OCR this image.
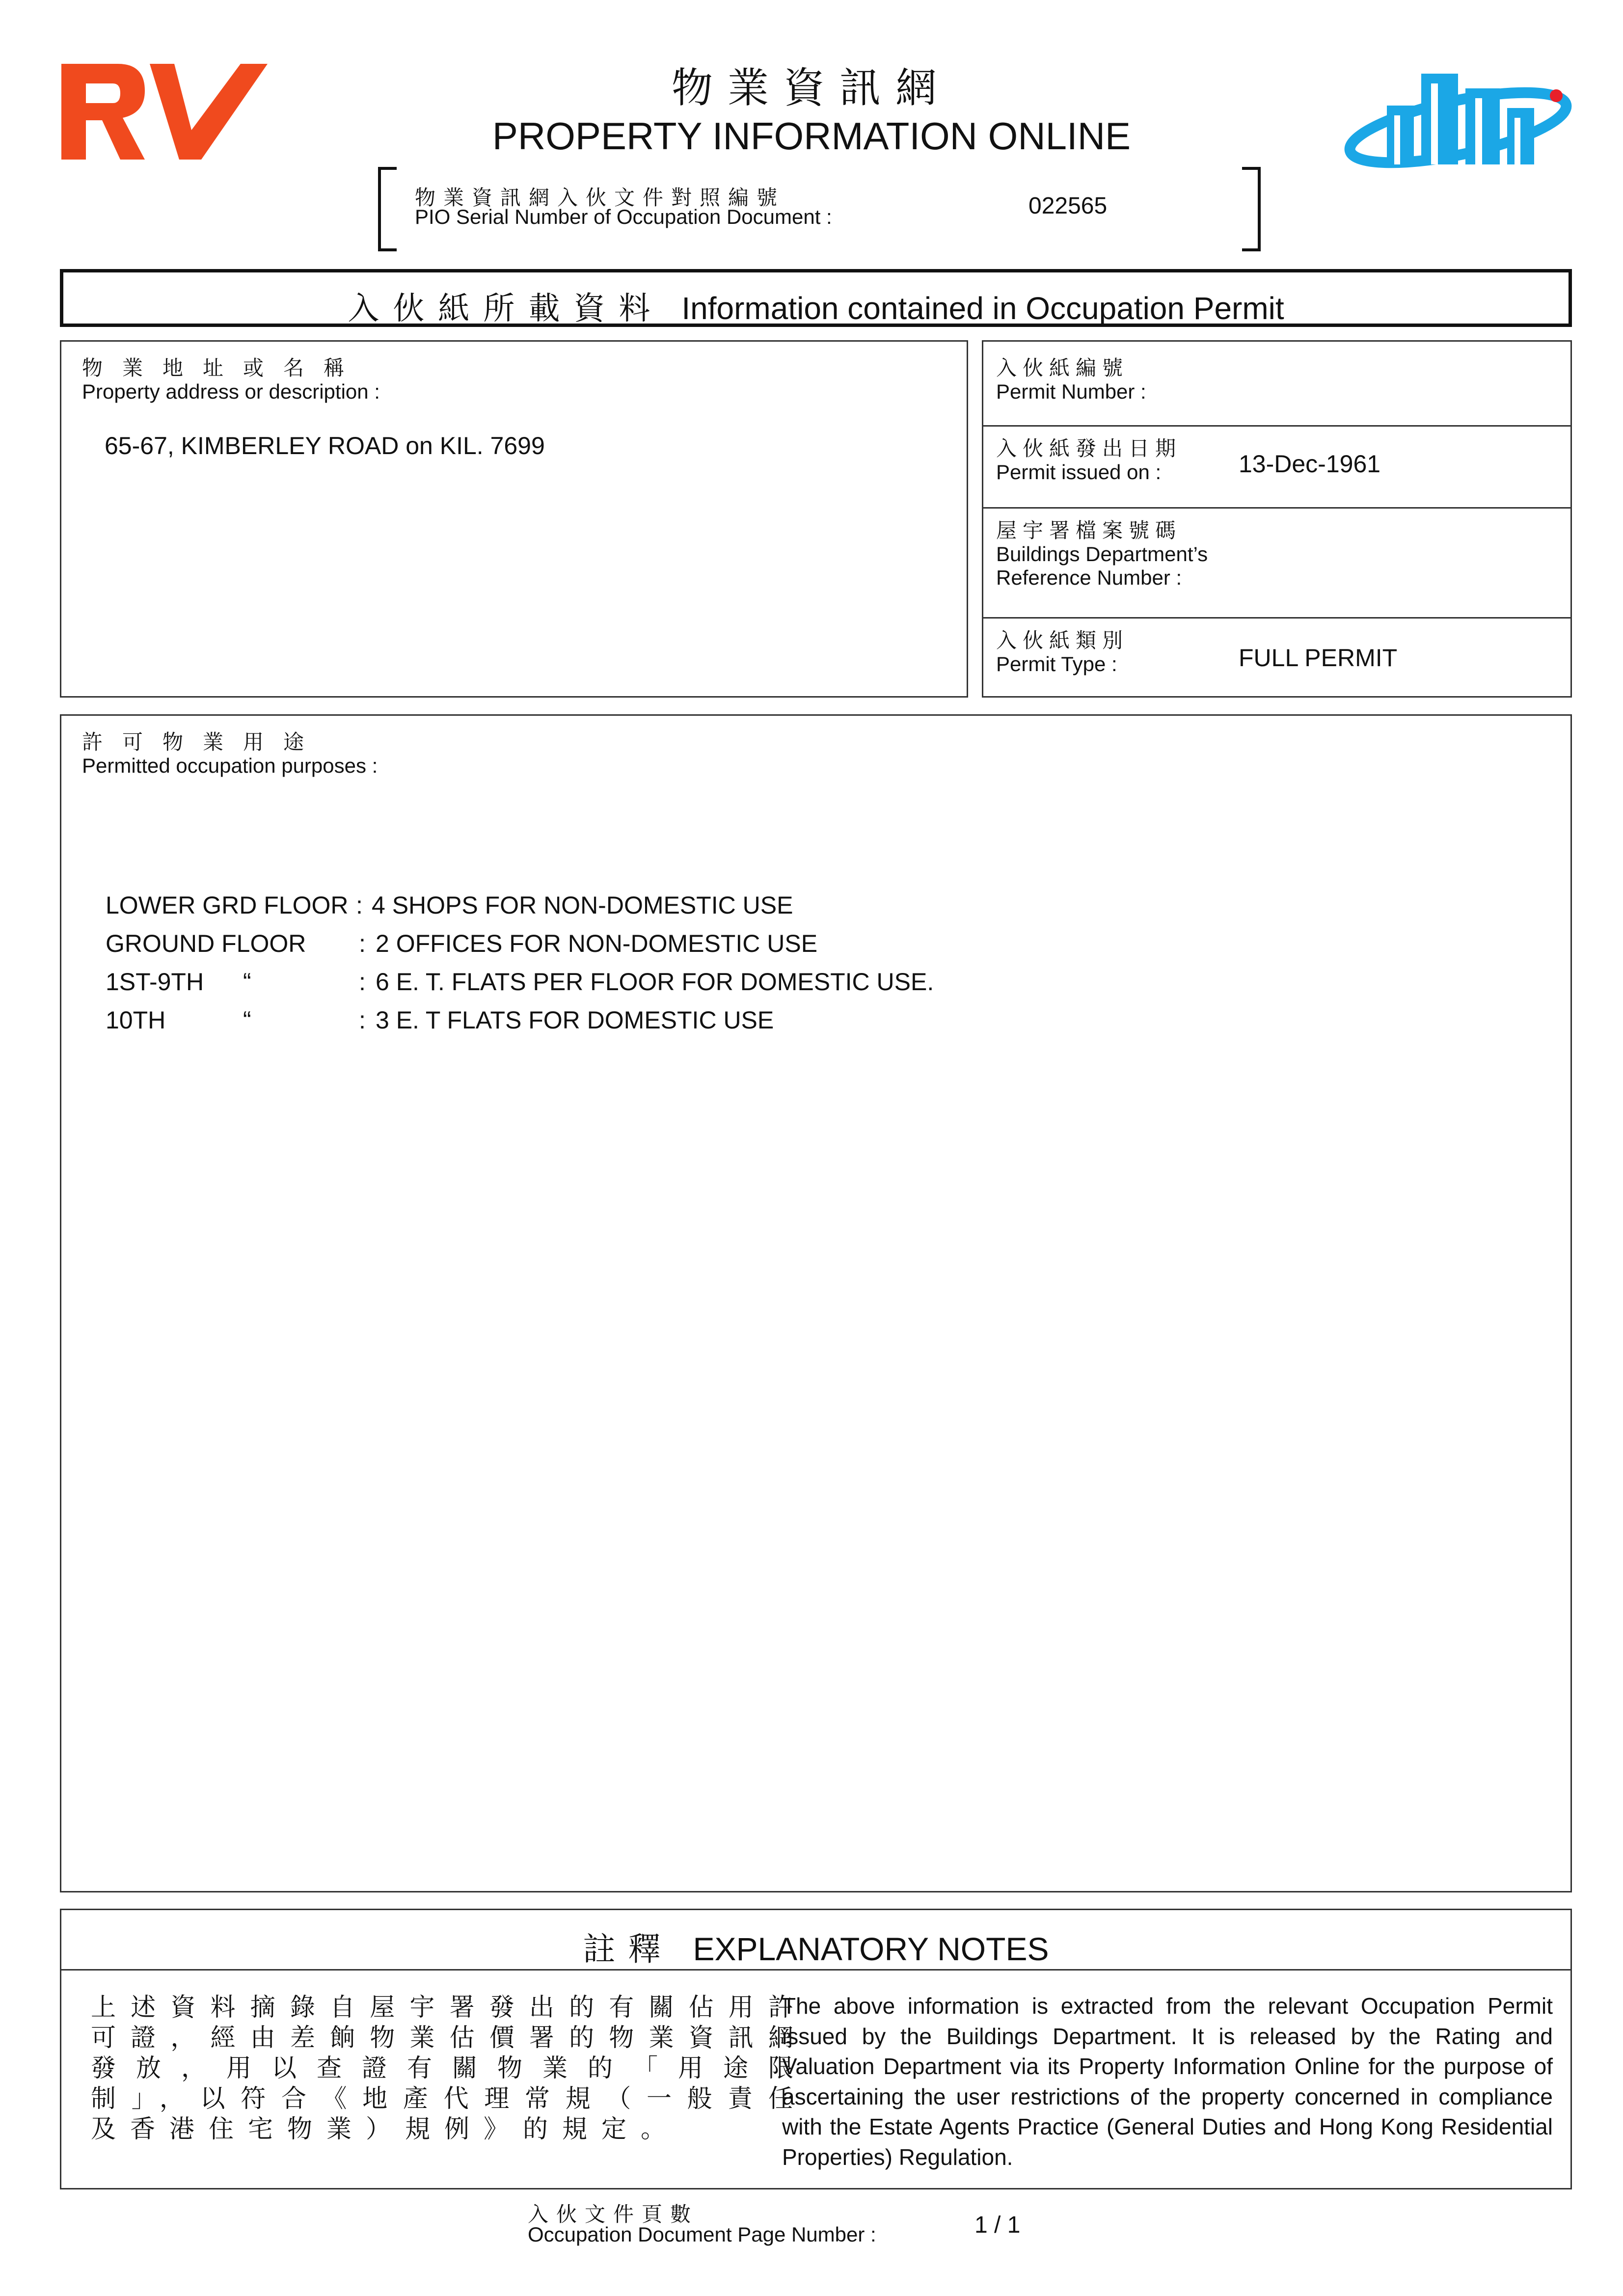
物業資訊網
PROPERTY INFORMATION ONLINE
物業資訊網入伙文件對照編號
PIO Serial Number of Occupation Document :	022565
入伙紙所載資料 Information contained in Occupation Permit
物業地址或名稱
Property address or description :
65-67, KIMBERLEY ROAD on KIL. 7699
入伙紙編號
Permit Number :
入伙紙發出日期
Permit issued on :	13-Dec-1961
屋宇署檔案號碼
Buildings Department’s
Reference Number :
入伙紙類別
Permit Type :	FULL PERMIT
許可物業用途
Permitted occupation purposes :
LOWER GRD FLOOR : 4 SHOPS FOR NON-DOMESTIC USE
GROUND FLOOR : 2 OFFICES FOR NON-DOMESTIC USE
1ST-9TH “	: 6 E. T. FLATS PER FLOOR FOR DOMESTIC USE.
10TH	“	: 3 E. T FLATS FOR DOMESTIC USE
註釋 EXPLANATORY NOTES
上述資料摘錄自屋宇署發出的有關佔用許可證，經由差餉物業估價署的物業資訊網發放，用以查證有關物業的「用途限制」，以符合《地產代理常規（一般責任及香港住宅物業）規例》的規定。
The above information is extracted from the relevant Occupation Permit issued by the Buildings Department. It is released by the Rating and Valuation Department via its Property Information Online for the purpose of ascertaining the user restrictions of the property concerned in compliance with the Estate Agents Practice (General Duties and Hong Kong Residential Properties) Regulation.
入伙文件頁數
Occupation Document Page Number :	1 / 1
